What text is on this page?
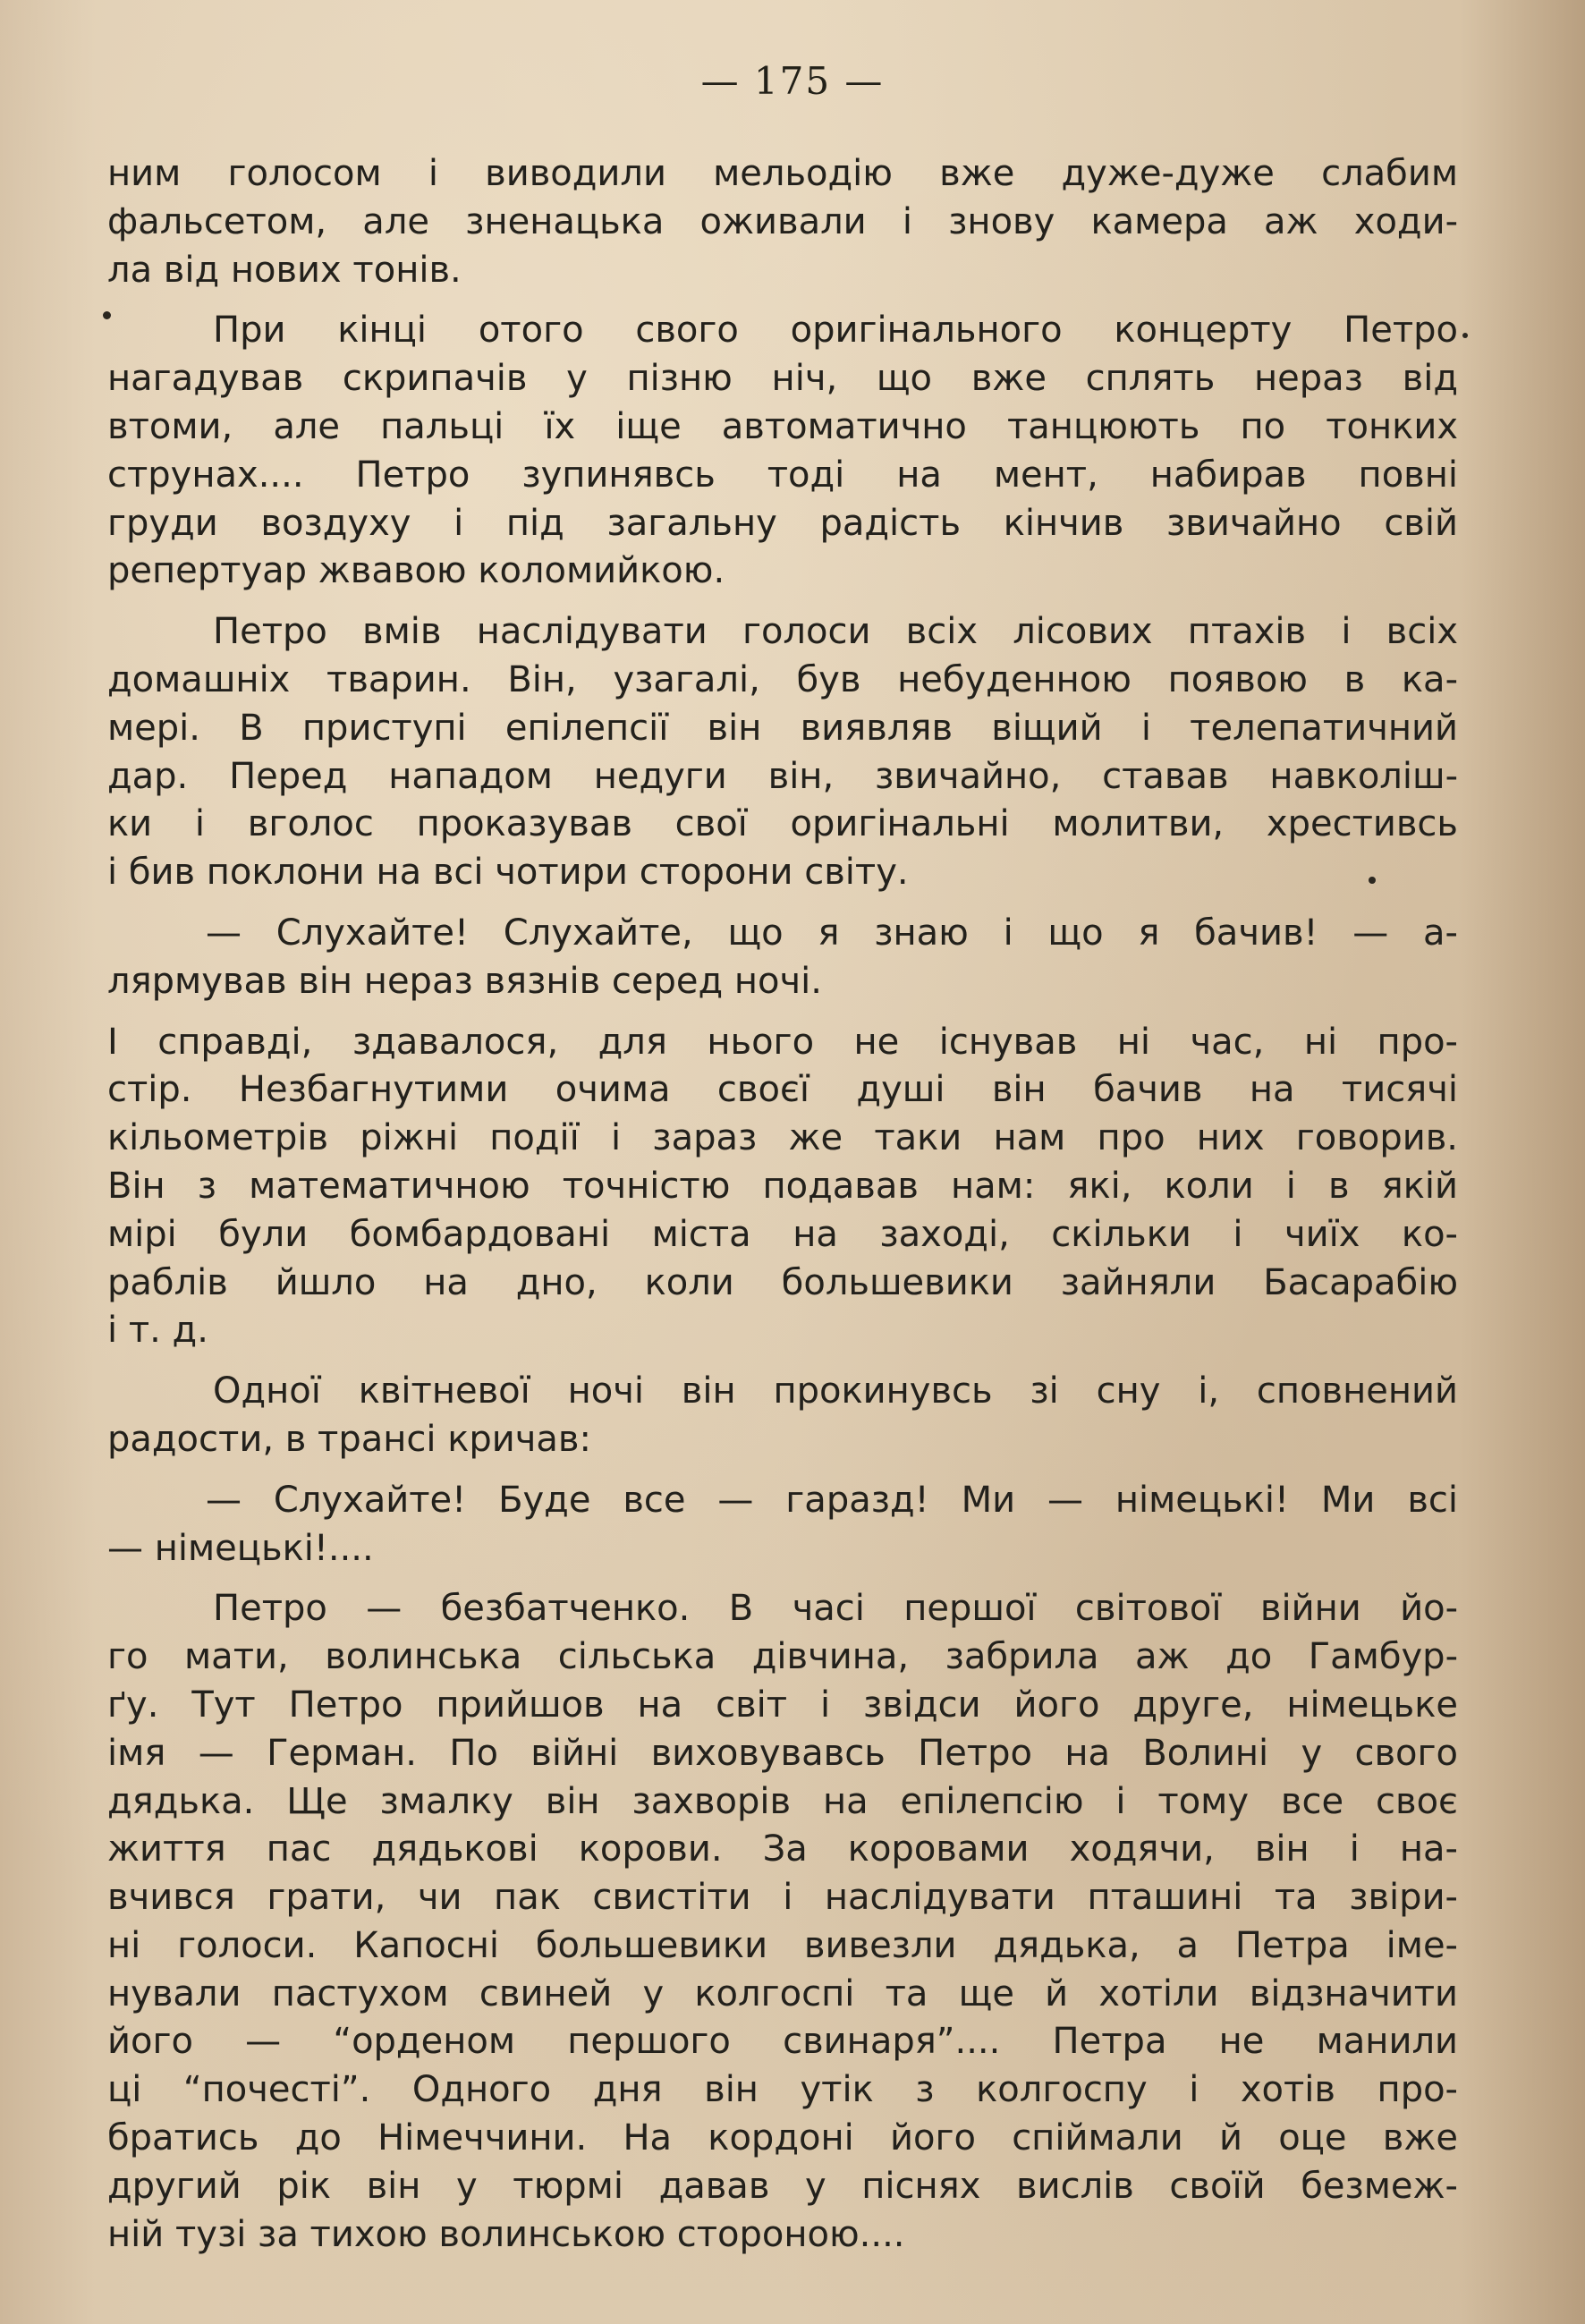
— 175 —
ним голосом і виводили мельодію вже дуже-дуже слабим
фальсетом, але зненацька оживали і знову камера аж ходи-
ла від нових тонів.
При кінці отого свого оригінального концерту Петро
нагадував скрипачів у пізню ніч, що вже сплять нераз від
втоми, але пальці їх іще автоматично танцюють по тонких
струнах.... Петро зупинявсь тоді на мент, набирав повні
груди воздуху і під загальну радість кінчив звичайно свій
репертуар жвавою коломийкою.
Петро вмів наслідувати голоси всіх лісових птахів і всіх
домашніх тварин. Він, узагалі, був небуденною появою в ка-
мері. В приступі епілепсії він виявляв віщий і телепатичний
дар. Перед нападом недуги він, звичайно, ставав навколіш-
ки і вголос проказував свої оригінальні молитви, хрестивсь
і бив поклони на всі чотири сторони світу.
— Слухайте! Слухайте, що я знаю і що я бачив! — а-
лярмував він нераз вязнів серед ночі.
І справді, здавалося, для нього не існував ні час, ні про-
стір. Незбагнутими очима своєї душі він бачив на тисячі
кільометрів ріжні події і зараз же таки нам про них говорив.
Він з математичною точністю подавав нам: які, коли і в якій
мірі були бомбардовані міста на заході, скільки і чиїх ко-
раблів йшло на дно, коли большевики зайняли Басарабію
і т. д.
Одної квітневої ночі він прокинувсь зі сну і, сповнений
радости, в трансі кричав:
— Слухайте! Буде все — гаразд! Ми — німецькі! Ми всі
— німецькі!....
Петро — безбатченко. В часі першої світової війни йо-
го мати, волинська сільська дівчина, забрила аж до Гамбур-
ґу. Тут Петро прийшов на світ і звідси його друге, німецьке
імя — Герман. По війні виховувавсь Петро на Волині у свого
дядька. Ще змалку він захворів на епілепсію і тому все своє
життя пас дядькові корови. За коровами ходячи, він і на-
вчився грати, чи пак свистіти і наслідувати пташині та звіри-
ні голоси. Капосні большевики вивезли дядька, а Петра іме-
нували пастухом свиней у колгоспі та ще й хотіли відзначити
його — “орденом першого свинаря”.... Петра не манили
ці “почесті”. Одного дня він утік з колгоспу і хотів про-
братись до Німеччини. На кордоні його спіймали й оце вже
другий рік він у тюрмі давав у піснях вислів своїй безмеж-
ній тузі за тихою волинською стороною....
